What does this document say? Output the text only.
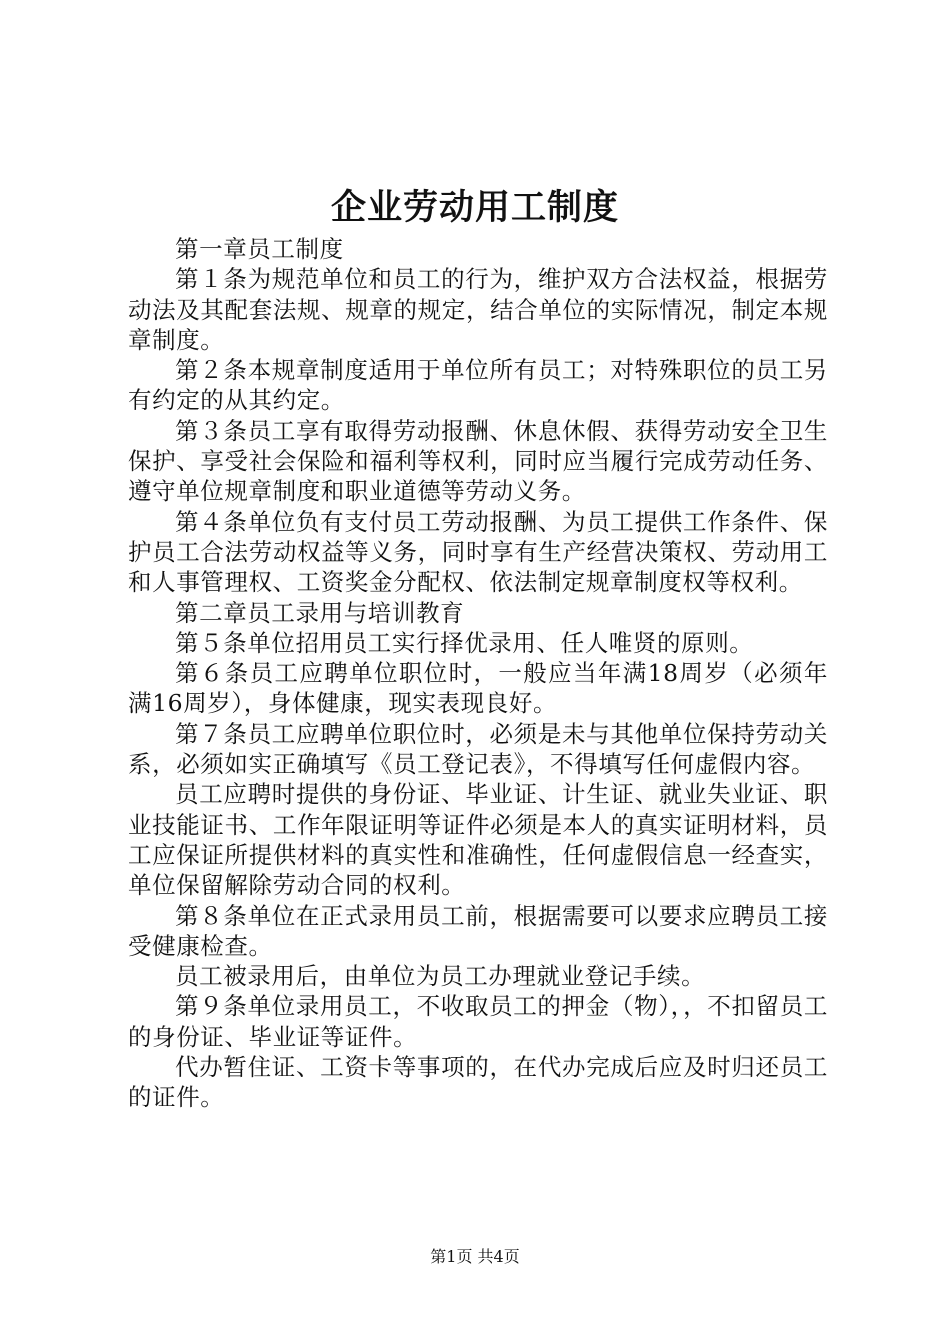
企业劳动用工制度

第一章员工制度

第１条为规范单位和员工的行为，维护双方合法权益，根据劳动法及其配套法规、规章的规定，结合单位的实际情况，制定本规章制度。

第２条本规章制度适用于单位所有员工；对特殊职位的员工另有约定的从其约定。

第３条员工享有取得劳动报酬、休息休假、获得劳动安全卫生保护、享受社会保险和福利等权利，同时应当履行完成劳动任务、遵守单位规章制度和职业道德等劳动义务。

第４条单位负有支付员工劳动报酬、为员工提供工作条件、保护员工合法劳动权益等义务，同时享有生产经营决策权、劳动用工和人事管理权、工资奖金分配权、依法制定规章制度权等权利。

第二章员工录用与培训教育

第５条单位招用员工实行择优录用、任人唯贤的原则。

第６条员工应聘单位职位时，一般应当年满18周岁（必须年满16周岁），身体健康，现实表现良好。

第７条员工应聘单位职位时，必须是未与其他单位保持劳动关系，必须如实正确填写《员工登记表》，不得填写任何虚假内容。

员工应聘时提供的身份证、毕业证、计生证、就业失业证、职业技能证书、工作年限证明等证件必须是本人的真实证明材料，员工应保证所提供材料的真实性和准确性，任何虚假信息一经查实，单位保留解除劳动合同的权利。

第８条单位在正式录用员工前，根据需要可以要求应聘员工接受健康检查。

员工被录用后，由单位为员工办理就业登记手续。

第９条单位录用员工，不收取员工的押金（物），，不扣留员工的身份证、毕业证等证件。

代办暂住证、工资卡等事项的，在代办完成后应及时归还员工的证件。

第1页 共4页
